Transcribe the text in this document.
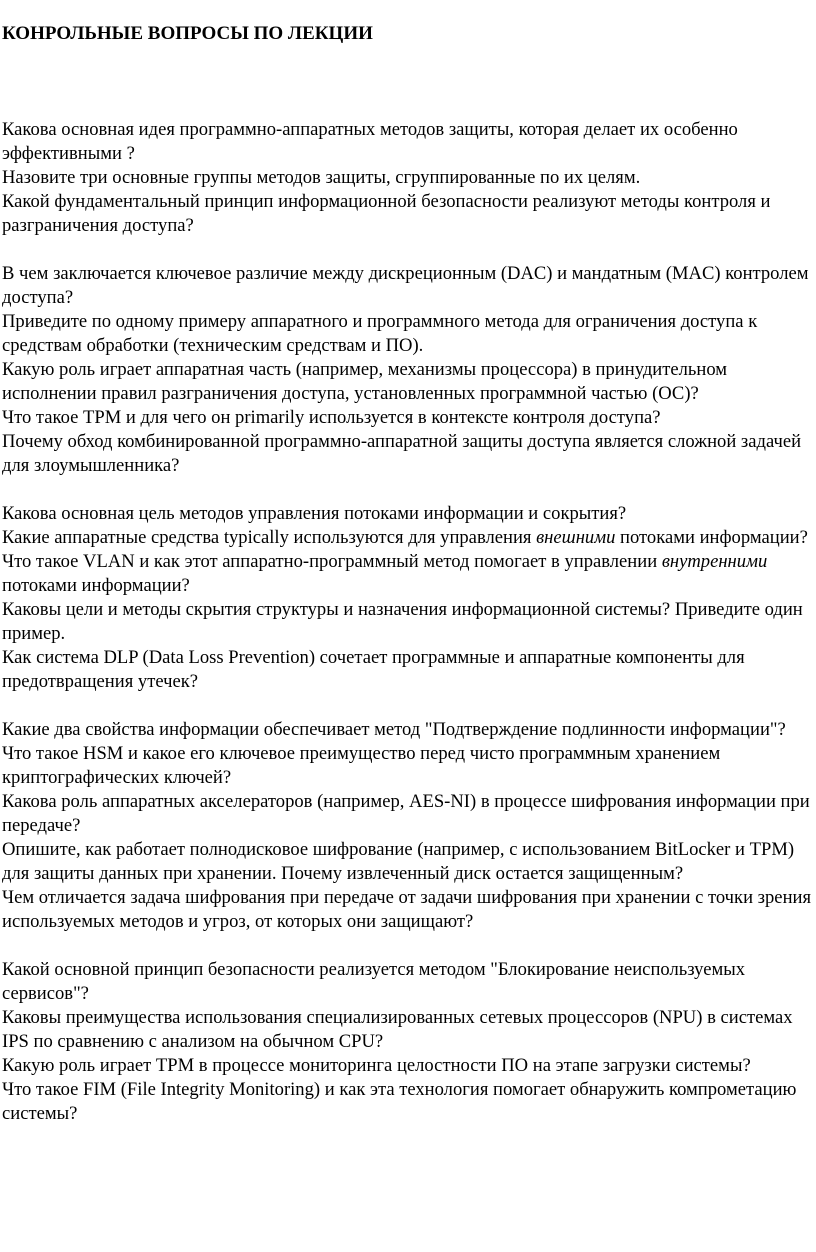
КОНРОЛЬНЫЕ ВОПРОСЫ ПО ЛЕКЦИИ

Какова основная идея программно-аппаратных методов защиты, которая делает их особенно эффективными ?

Назовите три основные группы методов защиты, сгруппированные по их целям.

Какой фундаментальный принцип информационной безопасности реализуют методы контроля и разграничения доступа?

В чем заключается ключевое различие между дискреционным (DAC) и мандатным (MAC) контролем доступа?

Приведите по одному примеру аппаратного и программного метода для ограничения доступа к средствам обработки (техническим средствам и ПО).

Какую роль играет аппаратная часть (например, механизмы процессора) в принудительном исполнении правил разграничения доступа, установленных программной частью (ОС)?

Что такое TPM и для чего он primarily используется в контексте контроля доступа?

Почему обход комбинированной программно-аппаратной защиты доступа является сложной задачей для злоумышленника?

Какова основная цель методов управления потоками информации и сокрытия?

Какие аппаратные средства typically используются для управления внешними потоками информации?

Что такое VLAN и как этот аппаратно-программный метод помогает в управлении внутренними потоками информации?

Каковы цели и методы скрытия структуры и назначения информационной системы? Приведите один пример.

Как система DLP (Data Loss Prevention) сочетает программные и аппаратные компоненты для предотвращения утечек?

Какие два свойства информации обеспечивает метод "Подтверждение подлинности информации"?

Что такое HSM и какое его ключевое преимущество перед чисто программным хранением криптографических ключей?

Какова роль аппаратных акселераторов (например, AES-NI) в процессе шифрования информации при передаче?

Опишите, как работает полнодисковое шифрование (например, с использованием BitLocker и TPM) для защиты данных при хранении. Почему извлеченный диск остается защищенным?

Чем отличается задача шифрования при передаче от задачи шифрования при хранении с точки зрения используемых методов и угроз, от которых они защищают?

Какой основной принцип безопасности реализуется методом "Блокирование неиспользуемых сервисов"?

Каковы преимущества использования специализированных сетевых процессоров (NPU) в системах IPS по сравнению с анализом на обычном CPU?

Какую роль играет TPM в процессе мониторинга целостности ПО на этапе загрузки системы?

Что такое FIM (File Integrity Monitoring) и как эта технология помогает обнаружить компрометацию системы?
